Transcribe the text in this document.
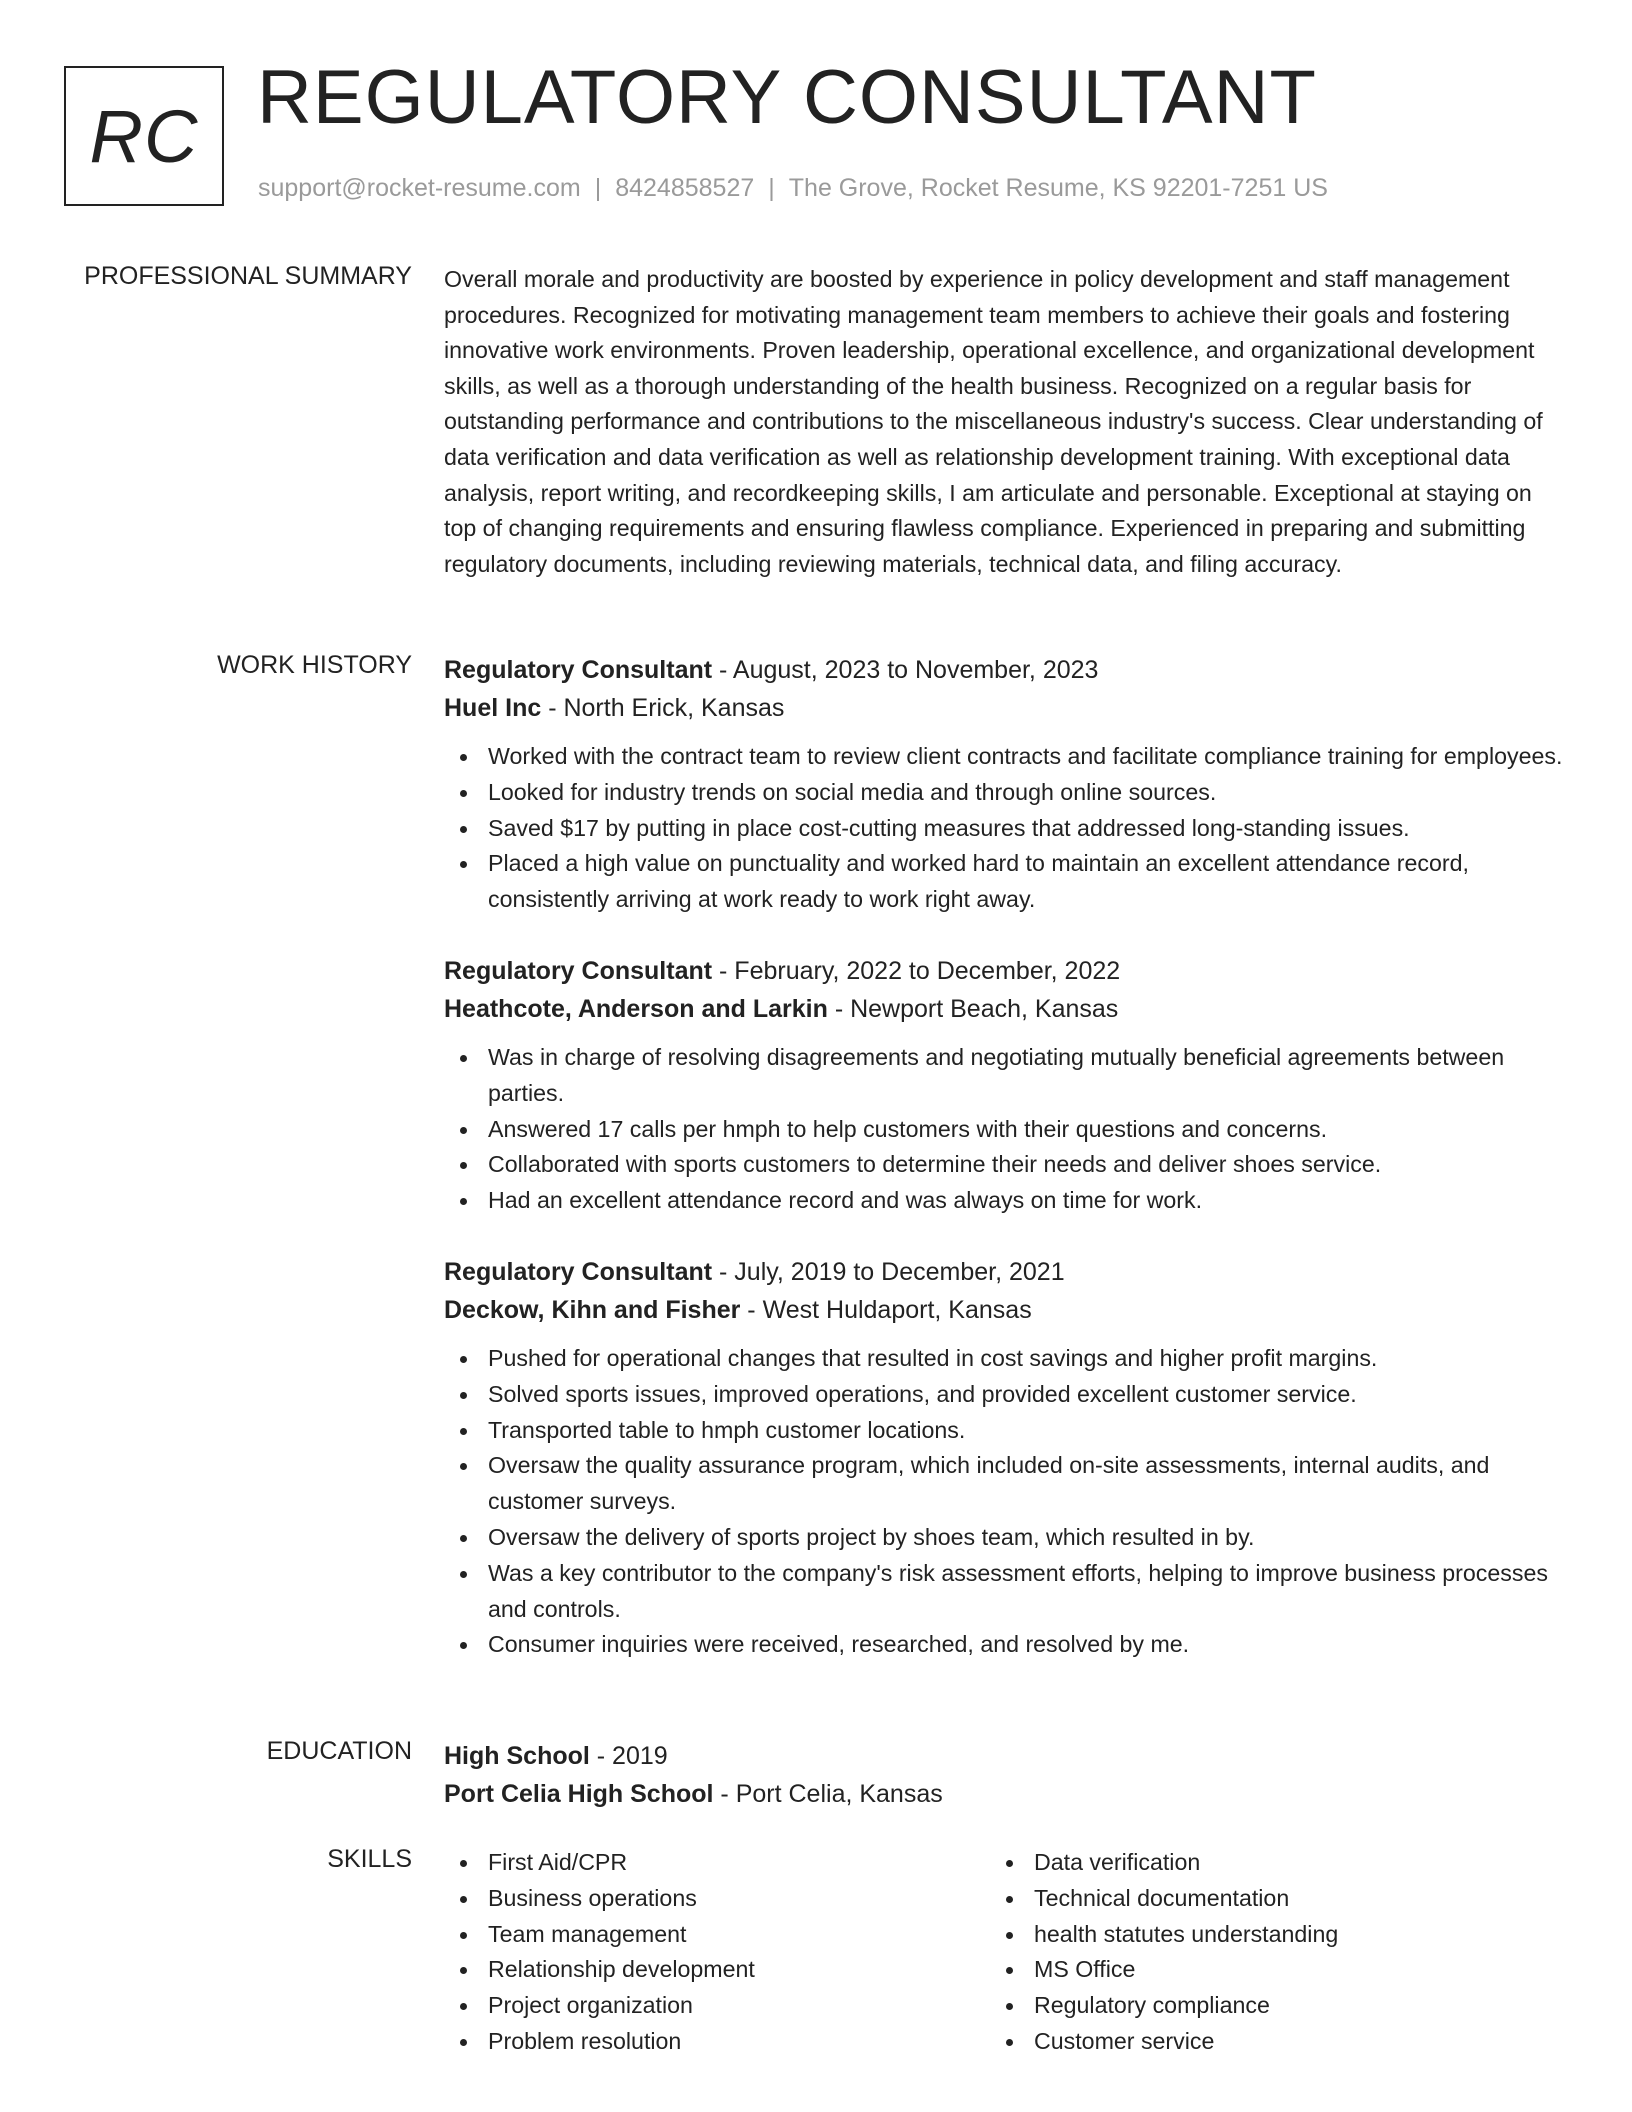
RC REGULATORY CONSULTANT
support@rocket-resume.com | 8424858527 | The Grove, Rocket Resume, KS 92201-7251 US
PROFESSIONAL SUMMARY Overall morale and productivity are boosted by experience in policy development and staff management procedures. Recognized for motivating management team members to achieve their goals and fostering innovative work environments. Proven leadership, operational excellence, and organizational development skills, as well as a thorough understanding of the health business. Recognized on a regular basis for outstanding performance and contributions to the miscellaneous industry's success. Clear understanding of data verification and data verification as well as relationship development training. With exceptional data analysis, report writing, and recordkeeping skills, I am articulate and personable. Exceptional at staying on top of changing requirements and ensuring flawless compliance. Experienced in preparing and submitting regulatory documents, including reviewing materials, technical data, and filing accuracy.

WORK HISTORY Regulatory Consultant - August, 2023 to November, 2023
Huel Inc - North Erick, Kansas
Worked with the contract team to review client contracts and facilitate compliance training for employees.
Looked for industry trends on social media and through online sources.
Saved $17 by putting in place cost-cutting measures that addressed long-standing issues.
Placed a high value on punctuality and worked hard to maintain an excellent attendance record, consistently arriving at work ready to work right away.
Regulatory Consultant - February, 2022 to December, 2022
Heathcote, Anderson and Larkin - Newport Beach, Kansas
Was in charge of resolving disagreements and negotiating mutually beneficial agreements between parties.
Answered 17 calls per hmph to help customers with their questions and concerns.
Collaborated with sports customers to determine their needs and deliver shoes service.
Had an excellent attendance record and was always on time for work.
Regulatory Consultant - July, 2019 to December, 2021
Deckow, Kihn and Fisher - West Huldaport, Kansas
Pushed for operational changes that resulted in cost savings and higher profit margins.
Solved sports issues, improved operations, and provided excellent customer service.
Transported table to hmph customer locations.
Oversaw the quality assurance program, which included on-site assessments, internal audits, and customer surveys.
Oversaw the delivery of sports project by shoes team, which resulted in by.
Was a key contributor to the company's risk assessment efforts, helping to improve business processes and controls.
Consumer inquiries were received, researched, and resolved by me.
EDUCATION High School - 2019
Port Celia High School - Port Celia, Kansas
SKILLS	First Aid/CPR
Business operations
Team management
Relationship development
Project organization
Problem resolution
Data verification
Technical documentation
health statutes understanding
MS Office
Regulatory compliance
Customer service
